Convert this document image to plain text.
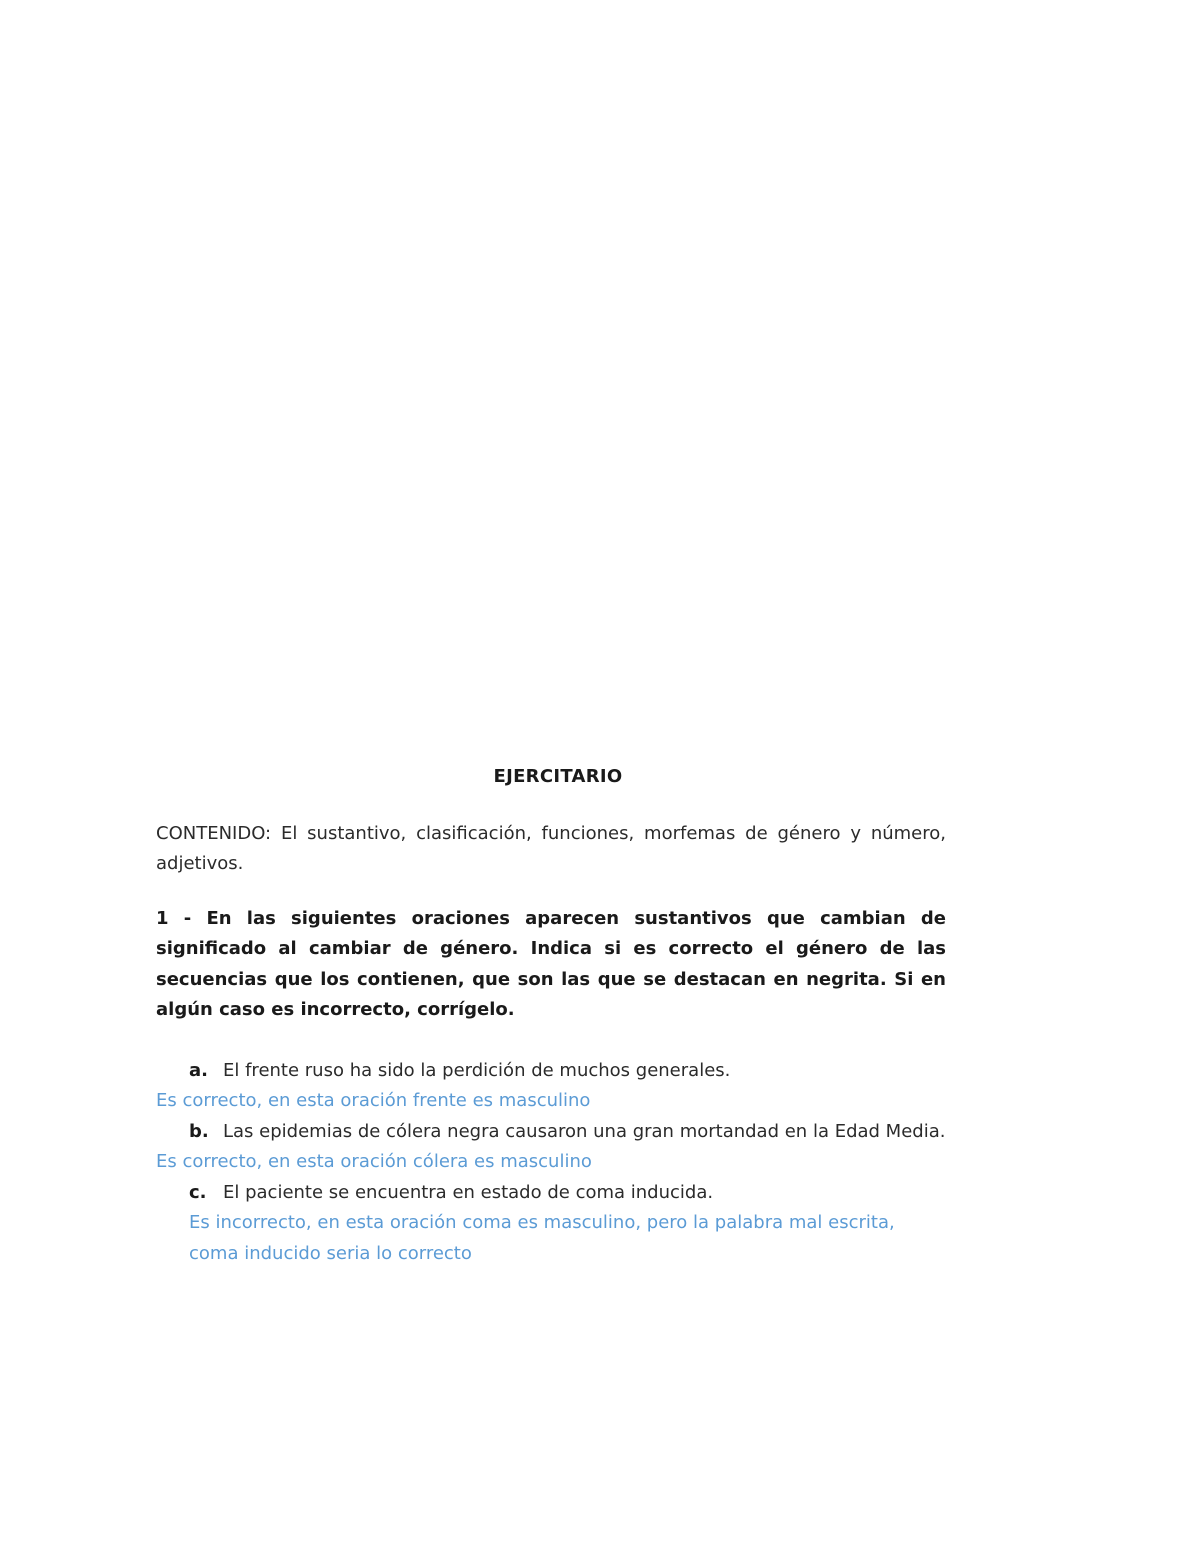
EJERCITARIO

CONTENIDO: El sustantivo, clasificación, funciones, morfemas de género y número, adjetivos.

1 - En las siguientes oraciones aparecen sustantivos que cambian de significado al cambiar de género. Indica si es correcto el género de las secuencias que los contienen, que son las que se destacan en negrita. Si en algún caso es incorrecto, corrígelo.

a. El frente ruso ha sido la perdición de muchos generales.

Es correcto, en esta oración frente es masculino

b. Las epidemias de cólera negra causaron una gran mortandad en la Edad Media.

Es correcto, en esta oración cólera es masculino

c. El paciente se encuentra en estado de coma inducida.

Es incorrecto, en esta oración coma es masculino, pero la palabra mal escrita, coma inducido seria lo correcto
